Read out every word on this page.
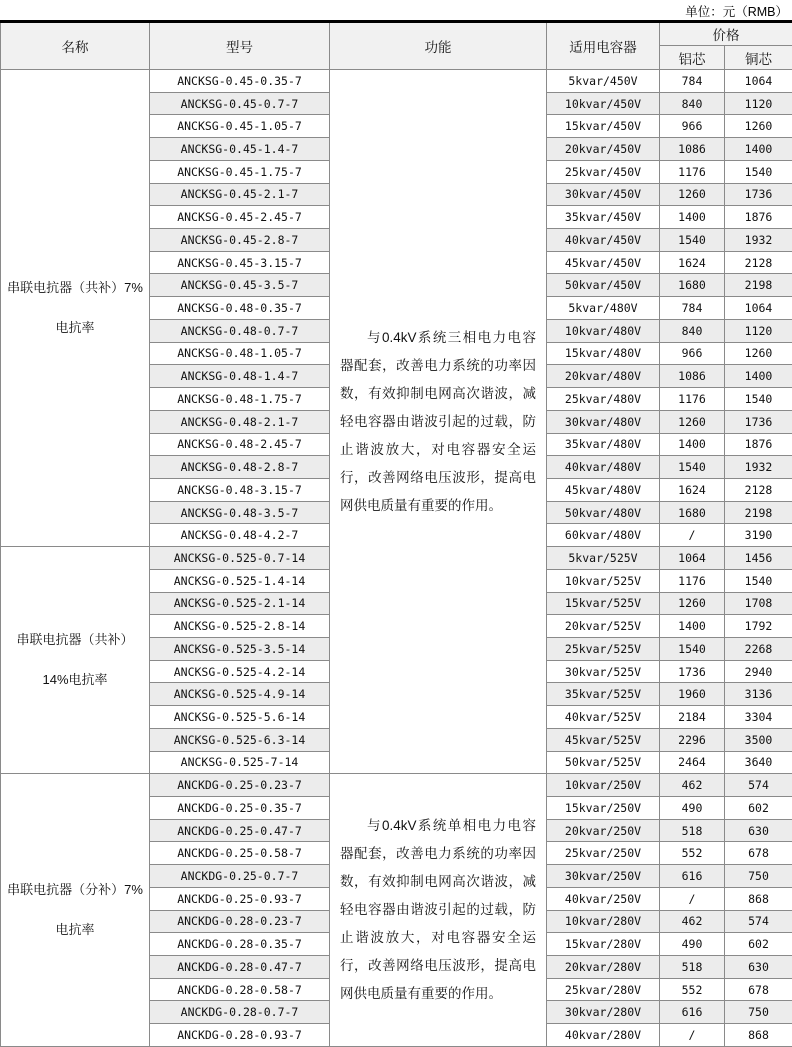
单位：元（RMB）
名称	型号	功能	适用电容器	价格	
				铝芯	铜芯

串联电抗器（共补）7%
电抗率	ANCKSG-0.45-0.35-7	与0.4kV系统三相电力电容器配套，改善电力系统的功率因数，有效抑制电网高次谐波，减轻电容器由谐波引起的过载，防止谐波放大，对电容器安全运行，改善网络电压波形，提高电网供电质量有重要的作用。	5kvar/450V	784	1064
	ANCKSG-0.45-0.7-7		10kvar/450V	840	1120
	ANCKSG-0.45-1.05-7		15kvar/450V	966	1260
	ANCKSG-0.45-1.4-7		20kvar/450V	1086	1400
	ANCKSG-0.45-1.75-7		25kvar/450V	1176	1540
	ANCKSG-0.45-2.1-7		30kvar/450V	1260	1736
	ANCKSG-0.45-2.45-7		35kvar/450V	1400	1876
	ANCKSG-0.45-2.8-7		40kvar/450V	1540	1932
	ANCKSG-0.45-3.15-7		45kvar/450V	1624	2128
	ANCKSG-0.45-3.5-7		50kvar/450V	1680	2198
	ANCKSG-0.48-0.35-7		5kvar/480V	784	1064
	ANCKSG-0.48-0.7-7		10kvar/480V	840	1120
	ANCKSG-0.48-1.05-7		15kvar/480V	966	1260
	ANCKSG-0.48-1.4-7		20kvar/480V	1086	1400
	ANCKSG-0.48-1.75-7		25kvar/480V	1176	1540
	ANCKSG-0.48-2.1-7		30kvar/480V	1260	1736
	ANCKSG-0.48-2.45-7		35kvar/480V	1400	1876
	ANCKSG-0.48-2.8-7		40kvar/480V	1540	1932
	ANCKSG-0.48-3.15-7		45kvar/480V	1624	2128
	ANCKSG-0.48-3.5-7		50kvar/480V	1680	2198
	ANCKSG-0.48-4.2-7		60kvar/480V	/	3190

串联电抗器（共补）
14%电抗率	ANCKSG-0.525-0.7-14		5kvar/525V	1064	1456
	ANCKSG-0.525-1.4-14		10kvar/525V	1176	1540
	ANCKSG-0.525-2.1-14		15kvar/525V	1260	1708
	ANCKSG-0.525-2.8-14		20kvar/525V	1400	1792
	ANCKSG-0.525-3.5-14		25kvar/525V	1540	2268
	ANCKSG-0.525-4.2-14		30kvar/525V	1736	2940
	ANCKSG-0.525-4.9-14		35kvar/525V	1960	3136
	ANCKSG-0.525-5.6-14		40kvar/525V	2184	3304
	ANCKSG-0.525-6.3-14		45kvar/525V	2296	3500
	ANCKSG-0.525-7-14		50kvar/525V	2464	3640

串联电抗器（分补）7%
电抗率	ANCKDG-0.25-0.23-7	与0.4kV系统单相电力电容器配套，改善电力系统的功率因数，有效抑制电网高次谐波，减轻电容器由谐波引起的过载，防止谐波放大，对电容器安全运行，改善网络电压波形，提高电网供电质量有重要的作用。	10kvar/250V	462	574
	ANCKDG-0.25-0.35-7		15kvar/250V	490	602
	ANCKDG-0.25-0.47-7		20kvar/250V	518	630
	ANCKDG-0.25-0.58-7		25kvar/250V	552	678
	ANCKDG-0.25-0.7-7		30kvar/250V	616	750
	ANCKDG-0.25-0.93-7		40kvar/250V	/	868
	ANCKDG-0.28-0.23-7		10kvar/280V	462	574
	ANCKDG-0.28-0.35-7		15kvar/280V	490	602
	ANCKDG-0.28-0.47-7		20kvar/280V	518	630
	ANCKDG-0.28-0.58-7		25kvar/280V	552	678
	ANCKDG-0.28-0.7-7		30kvar/280V	616	750
	ANCKDG-0.28-0.93-7		40kvar/280V	/	868
